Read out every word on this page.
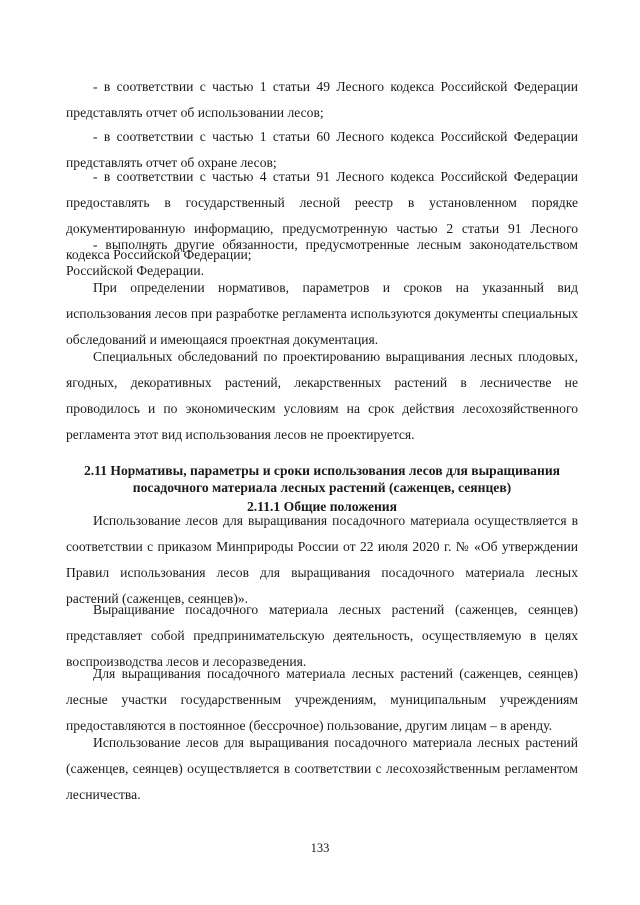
- в соответствии с частью 1 статьи 49 Лесного кодекса Российской Федерации представлять отчет об использовании лесов;

- в соответствии с частью 1 статьи 60 Лесного кодекса Российской Федерации представлять отчет об охране лесов;

- в соответствии с частью 4 статьи 91 Лесного кодекса Российской Федерации предоставлять в государственный лесной реестр в установленном порядке документированную информацию, предусмотренную частью 2 статьи 91 Лесного кодекса Российской Федерации;

- выполнять другие обязанности, предусмотренные лесным законодательством Российской Федерации.

При определении нормативов, параметров и сроков на указанный вид использования лесов при разработке регламента используются документы специальных обследований и имеющаяся проектная документация.

Специальных обследований по проектированию выращивания лесных плодовых, ягодных, декоративных растений, лекарственных растений в лесничестве не проводилось и по экономическим условиям на срок действия лесохозяйственного регламента этот вид использования лесов не проектируется.

2.11 Нормативы, параметры и сроки использования лесов для выращивания посадочного материала лесных растений (саженцев, сеянцев)

2.11.1 Общие положения

Использование лесов для выращивания посадочного материала осуществляется в соответствии с приказом Минприроды России от 22 июля 2020 г. № «Об утверждении Правил использования лесов для выращивания посадочного материала лесных растений (саженцев, сеянцев)».

Выращивание посадочного материала лесных растений (саженцев, сеянцев) представляет собой предпринимательскую деятельность, осуществляемую в целях воспроизводства лесов и лесоразведения.

Для выращивания посадочного материала лесных растений (саженцев, сеянцев) лесные участки государственным учреждениям, муниципальным учреждениям предоставляются в постоянное (бессрочное) пользование, другим лицам – в аренду.

Использование лесов для выращивания посадочного материала лесных растений (саженцев, сеянцев) осуществляется в соответствии с лесохозяйственным регламентом лесничества.

133
